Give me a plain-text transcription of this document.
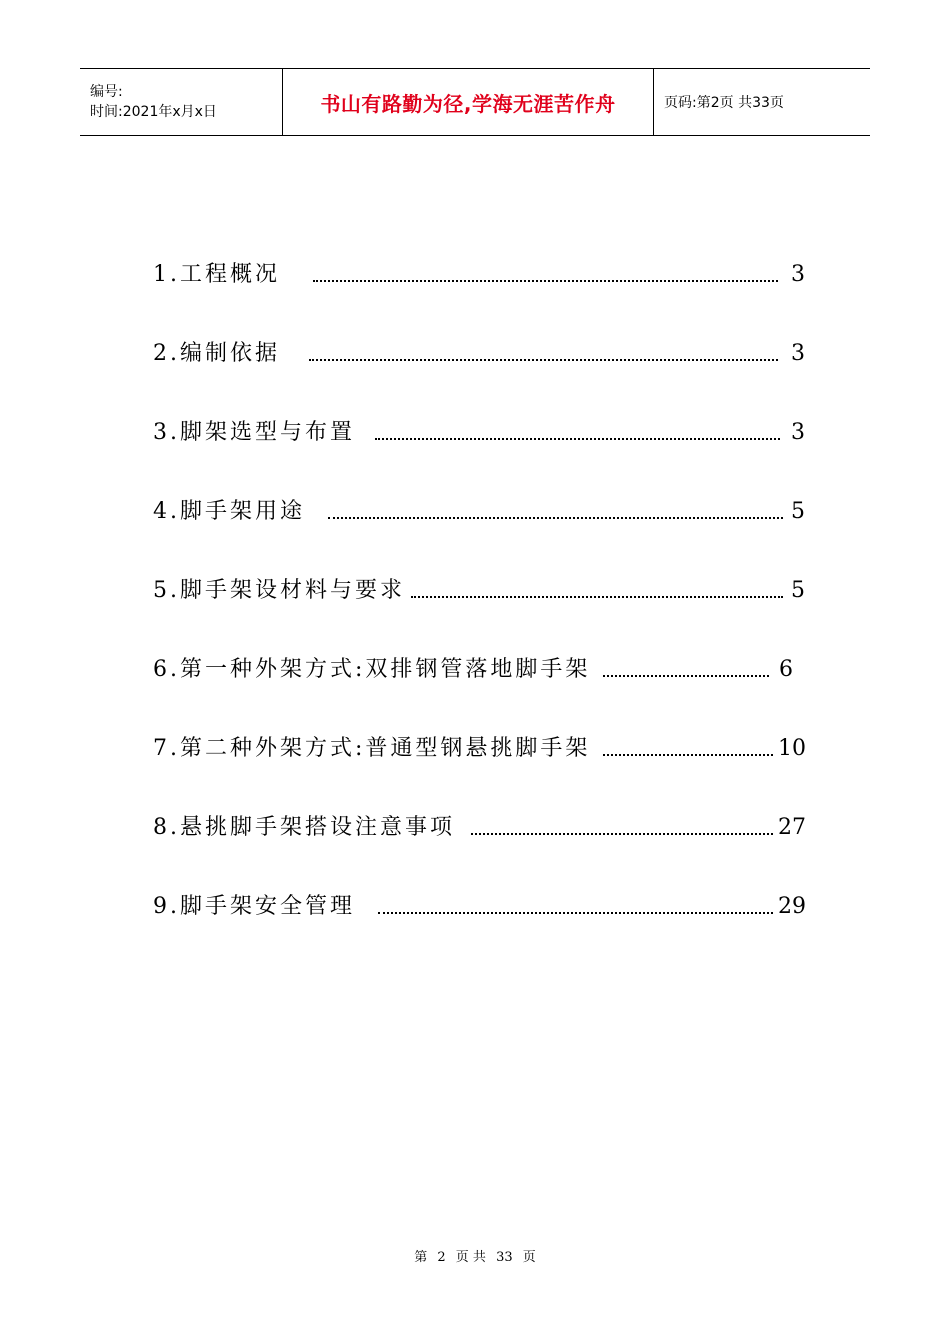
编号:
时间:2021年x月x日	书山有路勤为径,学海无涯苦作舟	页码:第2页 共33页
1.工程概况	3
2.编制依据	3
3.脚架选型与布置	3
4.脚手架用途	5
5.脚手架设材料与要求	5
6.第一种外架方式:双排钢管落地脚手架	6
7.第二种外架方式:普通型钢悬挑脚手架	10
8.悬挑脚手架搭设注意事项	27
9.脚手架安全管理	29
第 2 页 共 33 页
